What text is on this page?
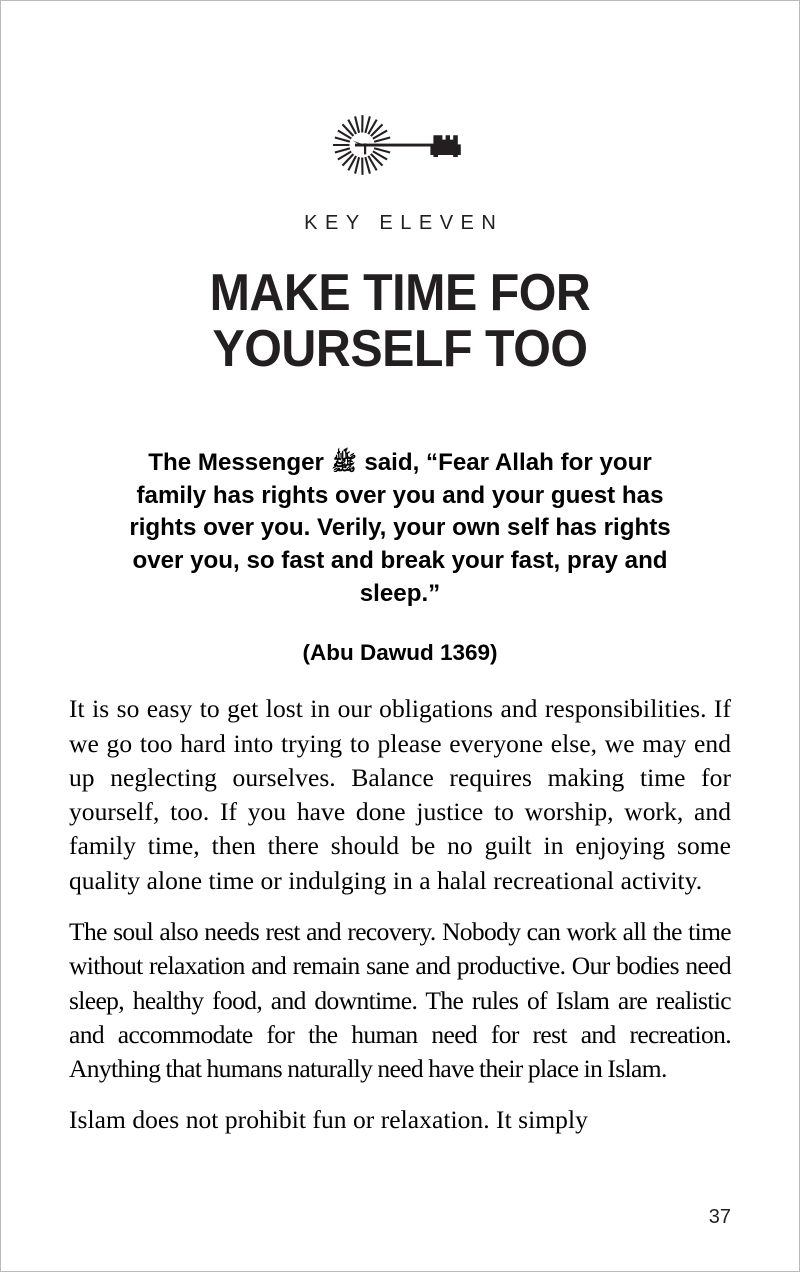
KEY ELEVEN
MAKE TIME FOR
YOURSELF TOO
The Messenger ﷺ said, “Fear Allah for your family has rights over you and your guest has rights over you. Verily, your own self has rights over you, so fast and break your fast, pray and sleep.”
(Abu Dawud 1369)

It is so easy to get lost in our obligations and responsibilities. If we go too hard into trying to please everyone else, we may end up neglecting ourselves. Balance requires making time for yourself, too. If you have done justice to worship, work, and family time, then there should be no guilt in enjoying some quality alone time or indulging in a halal recreational activity.

The soul also needs rest and recovery. Nobody can work all the time without relaxation and remain sane and productive. Our bodies need sleep, healthy food, and downtime. The rules of Islam are realistic and accommodate for the human need for rest and recreation. Anything that humans naturally need have their place in Islam.

Islam does not prohibit fun or relaxation. It simply

37
